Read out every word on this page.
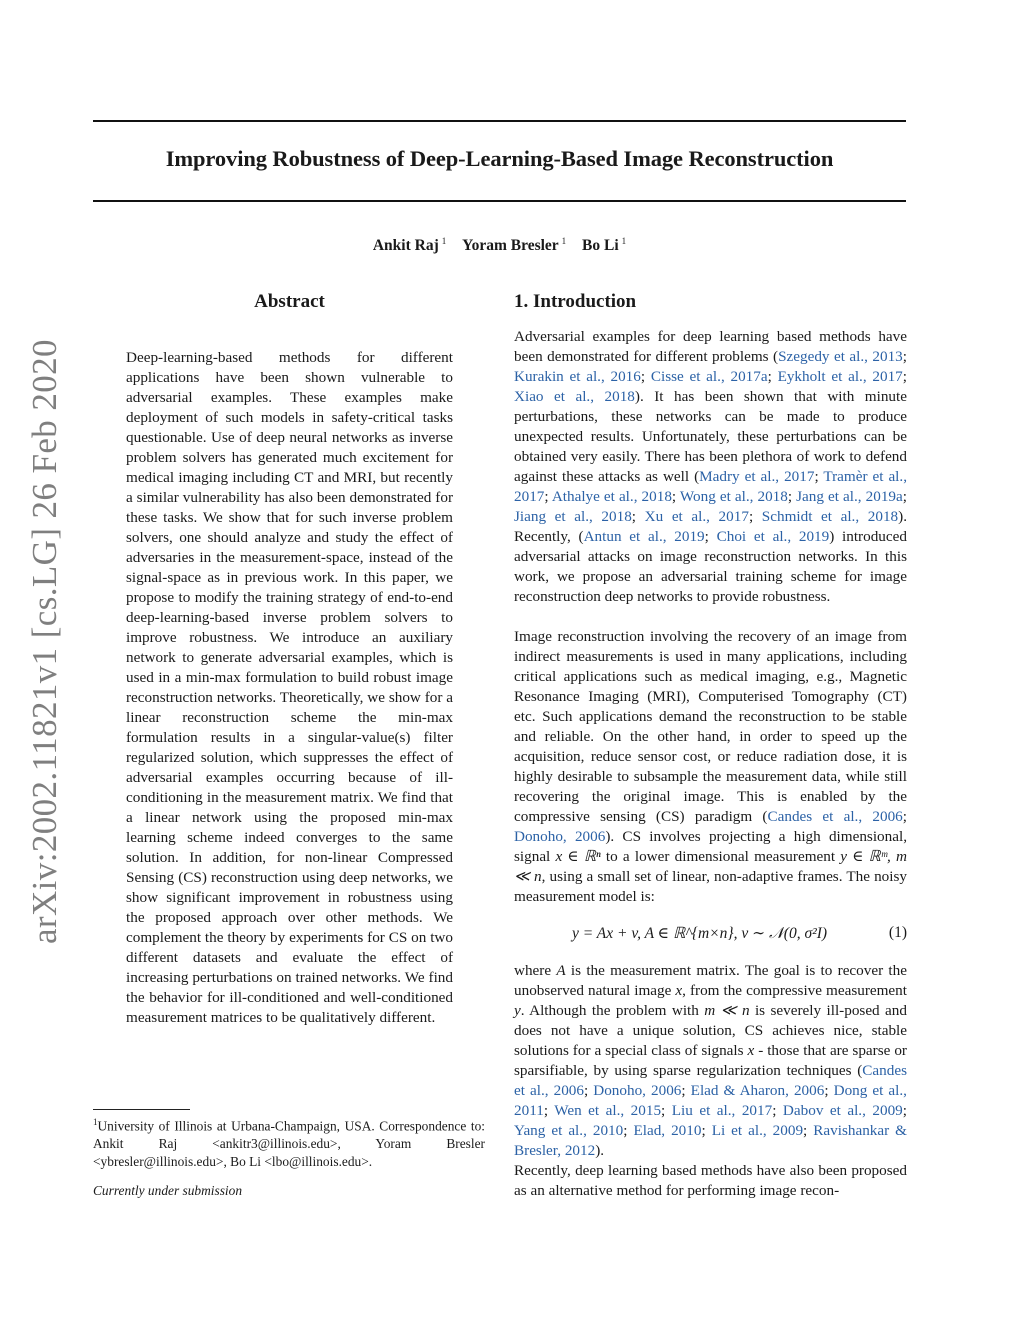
Improving Robustness of Deep-Learning-Based Image Reconstruction
Ankit Raj $^1$ Yoram Bresler $^1$ Bo Li $^1$
arXiv:2002.11821v1 [cs.LG] 26 Feb 2020
Abstract
Deep-learning-based methods for different applications have been shown vulnerable to adversarial examples. These examples make deployment of such models in safety-critical tasks questionable. Use of deep neural networks as inverse problem solvers has generated much excitement for medical imaging including CT and MRI, but recently a similar vulnerability has also been demonstrated for these tasks. We show that for such inverse problem solvers, one should analyze and study the effect of adversaries in the measurement-space, instead of the signal-space as in previous work. In this paper, we propose to modify the training strategy of end-to-end deep-learning-based inverse problem solvers to improve robustness. We introduce an auxiliary network to generate adversarial examples, which is used in a min-max formulation to build robust image reconstruction networks. Theoretically, we show for a linear reconstruction scheme the min-max formulation results in a singular-value(s) filter regularized solution, which suppresses the effect of adversarial examples occurring because of ill-conditioning in the measurement matrix. We find that a linear network using the proposed min-max learning scheme indeed converges to the same solution. In addition, for non-linear Compressed Sensing (CS) reconstruction using deep networks, we show significant improvement in robustness using the proposed approach over other methods. We complement the theory by experiments for CS on two different datasets and evaluate the effect of increasing perturbations on trained networks. We find the behavior for ill-conditioned and well-conditioned measurement matrices to be qualitatively different.
1. Introduction
Adversarial examples for deep learning based methods have been demonstrated for different problems (Szegedy et al., 2013; Kurakin et al., 2016; Cisse et al., 2017a; Eykholt et al., 2017; Xiao et al., 2018). It has been shown that with minute perturbations, these networks can be made to produce unexpected results. Unfortunately, these perturbations can be obtained very easily. There has been plethora of work to defend against these attacks as well (Madry et al., 2017; Tramèr et al., 2017; Athalye et al., 2018; Wong et al., 2018; Jang et al., 2019a; Jiang et al., 2018; Xu et al., 2017; Schmidt et al., 2018). Recently, (Antun et al., 2019; Choi et al., 2019) introduced adversarial attacks on image reconstruction networks. In this work, we propose an adversarial training scheme for image reconstruction deep networks to provide robustness.
Image reconstruction involving the recovery of an image from indirect measurements is used in many applications, including critical applications such as medical imaging, e.g., Magnetic Resonance Imaging (MRI), Computerised Tomography (CT) etc. Such applications demand the reconstruction to be stable and reliable. On the other hand, in order to speed up the acquisition, reduce sensor cost, or reduce radiation dose, it is highly desirable to subsample the measurement data, while still recovering the original image. This is enabled by the compressive sensing (CS) paradigm (Candes et al., 2006; Donoho, 2006). CS involves projecting a high dimensional, signal x ∈ ℝⁿ to a lower dimensional measurement y ∈ ℝᵐ, m ≪ n, using a small set of linear, non-adaptive frames. The noisy measurement model is:
y = Ax + v, A ∈ ℝ^{m×n}, v ∼ 𝒩(0, σ²I)	(1)
where A is the measurement matrix. The goal is to recover the unobserved natural image x, from the compressive measurement y. Although the problem with m ≪ n is severely ill-posed and does not have a unique solution, CS achieves nice, stable solutions for a special class of signals x - those that are sparse or sparsifiable, by using sparse regularization techniques (Candes et al., 2006; Donoho, 2006; Elad & Aharon, 2006; Dong et al., 2011; Wen et al., 2015; Liu et al., 2017; Dabov et al., 2009; Yang et al., 2010; Elad, 2010; Li et al., 2009; Ravishankar & Bresler, 2012).
Recently, deep learning based methods have also been proposed as an alternative method for performing image recon-
$^1$University of Illinois at Urbana-Champaign, USA. Correspondence to: Ankit Raj <ankitr3@illinois.edu>, Yoram Bresler <ybresler@illinois.edu>, Bo Li <lbo@illinois.edu>.
Currently under submission
